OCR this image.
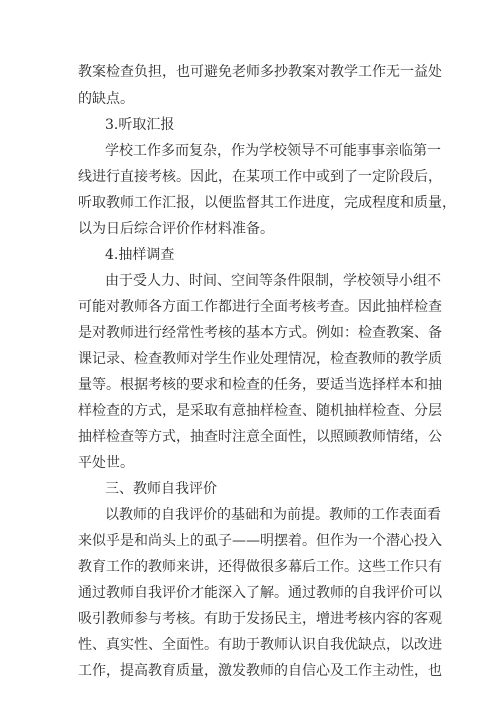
教案检查负担，也可避免老师多抄教案对教学工作无一益处
的缺点。
3.听取汇报
学校工作多而复杂，作为学校领导不可能事事亲临第一
线进行直接考核。因此，在某项工作中或到了一定阶段后，
听取教师工作汇报，以便监督其工作进度，完成程度和质量，
以为日后综合评价作材料准备。
4.抽样调查
由于受人力、时间、空间等条件限制，学校领导小组不
可能对教师各方面工作都进行全面考核考查。因此抽样检查
是对教师进行经常性考核的基本方式。例如：检查教案、备
课记录、检查教师对学生作业处理情况，检查教师的教学质
量等。根据考核的要求和检查的任务，要适当选择样本和抽
样检查的方式，是采取有意抽样检查、随机抽样检查、分层
抽样检查等方式，抽查时注意全面性，以照顾教师情绪，公
平处世。
三、教师自我评价
以教师的自我评价的基础和为前提。教师的工作表面看
来似乎是和尚头上的虱子——明摆着。但作为一个潜心投入
教育工作的教师来讲，还得做很多幕后工作。这些工作只有
通过教师自我评价才能深入了解。通过教师的自我评价可以
吸引教师参与考核。有助于发扬民主，增进考核内容的客观
性、真实性、全面性。有助于教师认识自我优缺点，以改进
工作，提高教育质量，激发教师的自信心及工作主动性，也
